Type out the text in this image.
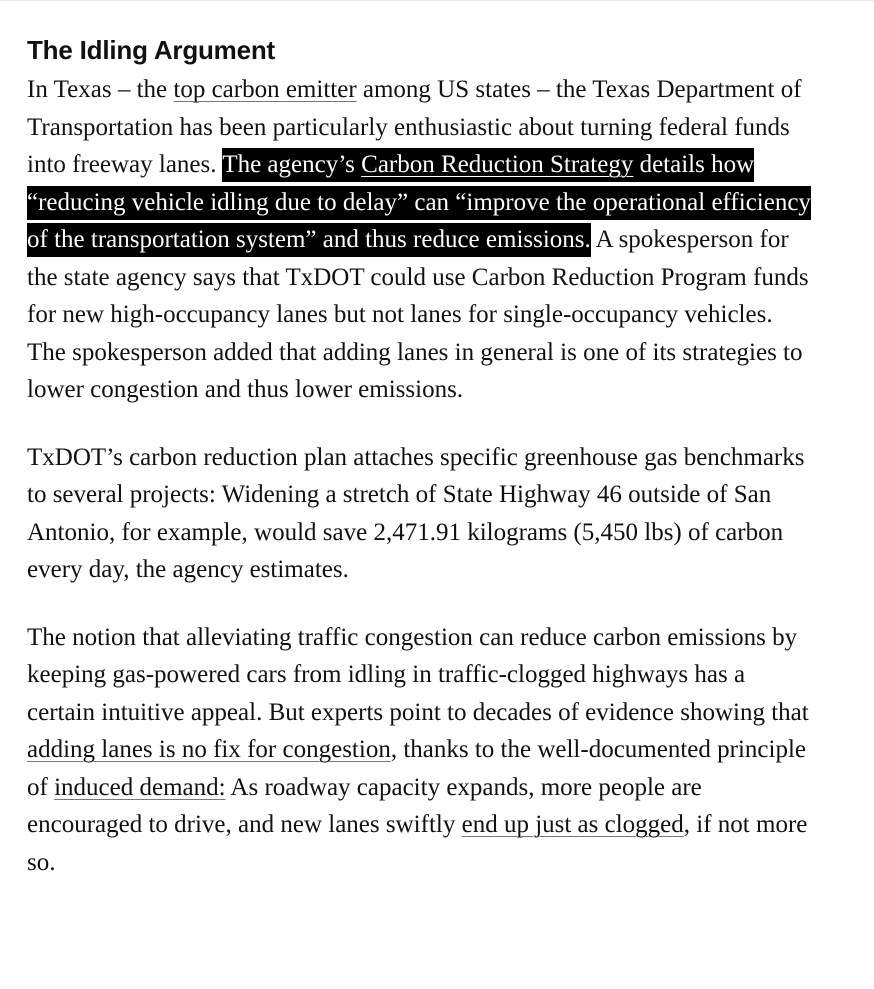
The Idling Argument

In Texas – the top carbon emitter among US states – the Texas Department of Transportation has been particularly enthusiastic about turning federal funds into freeway lanes. The agency’s Carbon Reduction Strategy details how “reducing vehicle idling due to delay” can “improve the operational efficiency of the transportation system” and thus reduce emissions. A spokesperson for the state agency says that TxDOT could use Carbon Reduction Program funds for new high-occupancy lanes but not lanes for single-occupancy vehicles. The spokesperson added that adding lanes in general is one of its strategies to lower congestion and thus lower emissions.

TxDOT’s carbon reduction plan attaches specific greenhouse gas benchmarks to several projects: Widening a stretch of State Highway 46 outside of San Antonio, for example, would save 2,471.91 kilograms (5,450 lbs) of carbon every day, the agency estimates.

The notion that alleviating traffic congestion can reduce carbon emissions by keeping gas-powered cars from idling in traffic-clogged highways has a certain intuitive appeal. But experts point to decades of evidence showing that adding lanes is no fix for congestion, thanks to the well-documented principle of induced demand: As roadway capacity expands, more people are encouraged to drive, and new lanes swiftly end up just as clogged, if not more so.
